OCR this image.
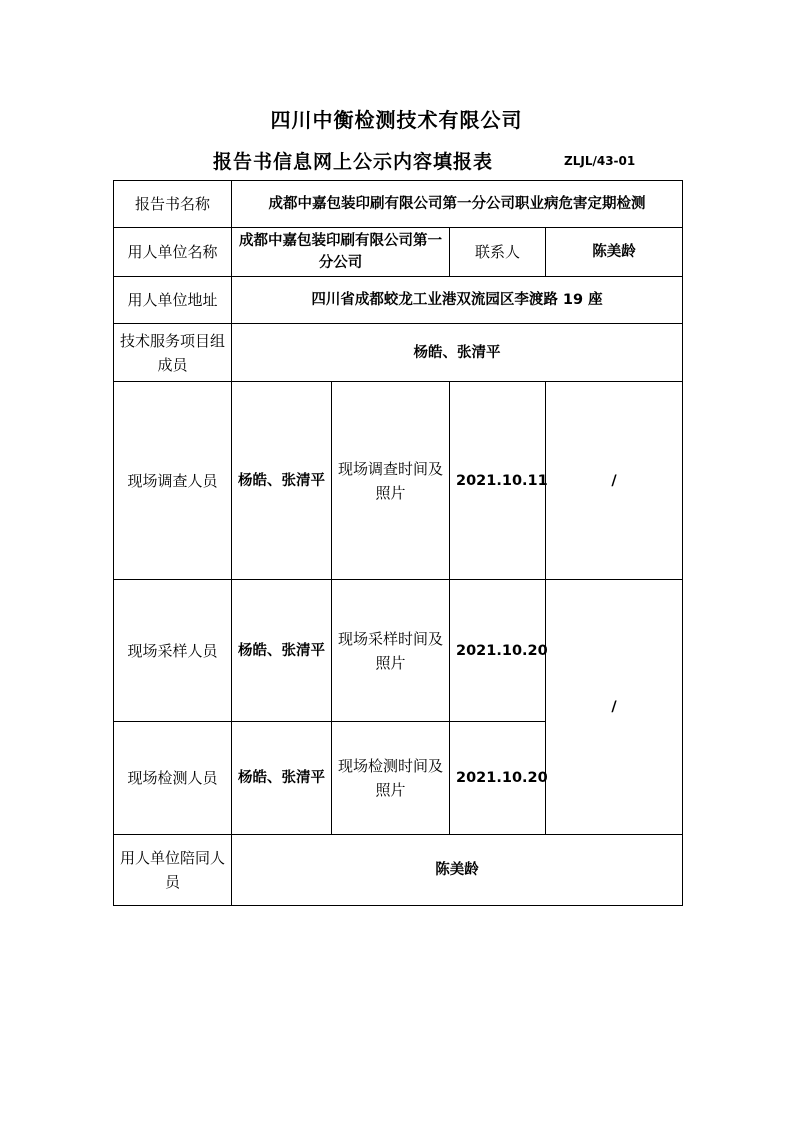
四川中衡检测技术有限公司
报告书信息网上公示内容填报表	ZLJL/43-01
报告书名称	成都中嘉包装印刷有限公司第一分公司职业病危害定期检测			
用人单位名称	成都中嘉包装印刷有限公司第一分公司		联系人	陈美龄
用人单位地址	四川省成都蛟龙工业港双流园区李渡路 19 座			
技术服务项目组成员	杨皓、张清平			
现场调查人员	杨皓、张清平	现场调查时间及照片	2021.10.11	/
现场采样人员	杨皓、张清平	现场采样时间及照片	2021.10.20	/
现场检测人员	杨皓、张清平	现场检测时间及照片	2021.10.20	
用人单位陪同人员	陈美龄			
